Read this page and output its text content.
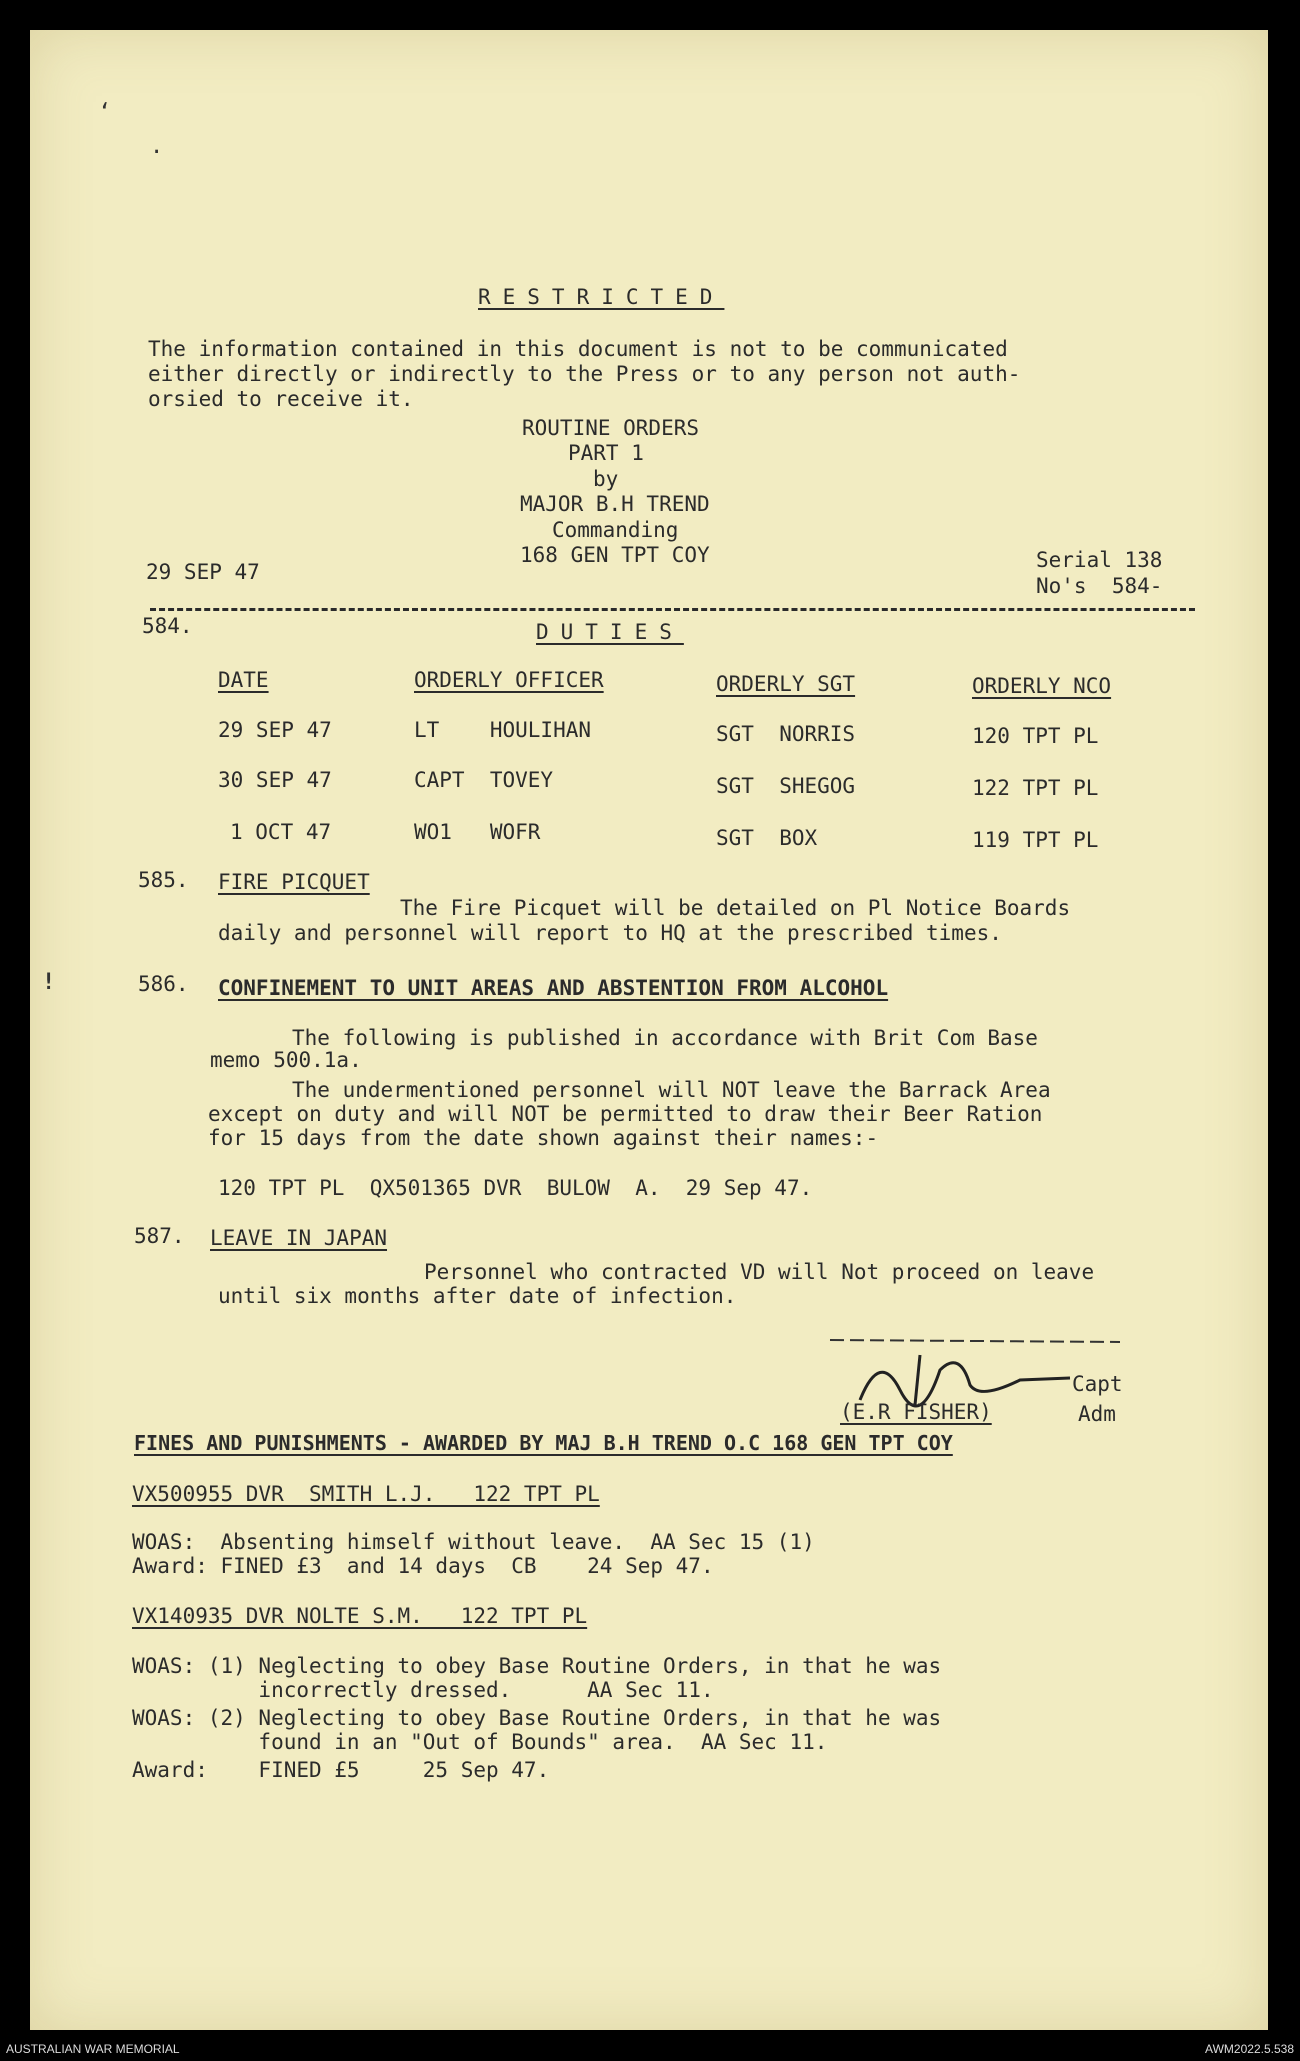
ʻ
·
!
RESTRICTED
The information contained in this document is not to be communicated
either directly or indirectly to the Press or to any person not auth-
orsied to receive it.
ROUTINE ORDERS
PART 1
by
MAJOR B.H TREND
Commanding
168 GEN TPT COY
29 SEP 47	Serial 138
No's  584-
584.	DUTIES
DATE	ORDERLY OFFICER	ORDERLY SGT	ORDERLY NCO
29 SEP 47	LT    HOULIHAN	SGT  NORRIS	120 TPT PL
30 SEP 47	CAPT  TOVEY	SGT  SHEGOG	122 TPT PL
1 OCT 47	WO1   WOFR	SGT  BOX	119 TPT PL
585. FIRE PICQUET
The Fire Picquet will be detailed on Pl Notice Boards
daily and personnel will report to HQ at the prescribed times.
586. CONFINEMENT TO UNIT AREAS AND ABSTENTION FROM ALCOHOL
The following is published in accordance with Brit Com Base
memo 500.1a.
The undermentioned personnel will NOT leave the Barrack Area
except on duty and will NOT be permitted to draw their Beer Ration
for 15 days from the date shown against their names:-
120 TPT PL  QX501365 DVR  BULOW  A.  29 Sep 47.
587. LEAVE IN JAPAN
Personnel who contracted VD will Not proceed on leave
until six months after date of infection.
Capt
(E.R FISHER)	Adm
FINES AND PUNISHMENTS - AWARDED BY MAJ B.H TREND O.C 168 GEN TPT COY
VX500955 DVR  SMITH L.J.   122 TPT PL
WOAS:  Absenting himself without leave.  AA Sec 15 (1)
Award: FINED £3  and 14 days  CB    24 Sep 47.
VX140935 DVR NOLTE S.M.   122 TPT PL
WOAS: (1) Neglecting to obey Base Routine Orders, in that he was
incorrectly dressed.      AA Sec 11.
WOAS: (2) Neglecting to obey Base Routine Orders, in that he was
found in an "Out of Bounds" area.  AA Sec 11.
Award:    FINED £5     25 Sep 47.
AUSTRALIAN WAR MEMORIAL	AWM2022.5.538
